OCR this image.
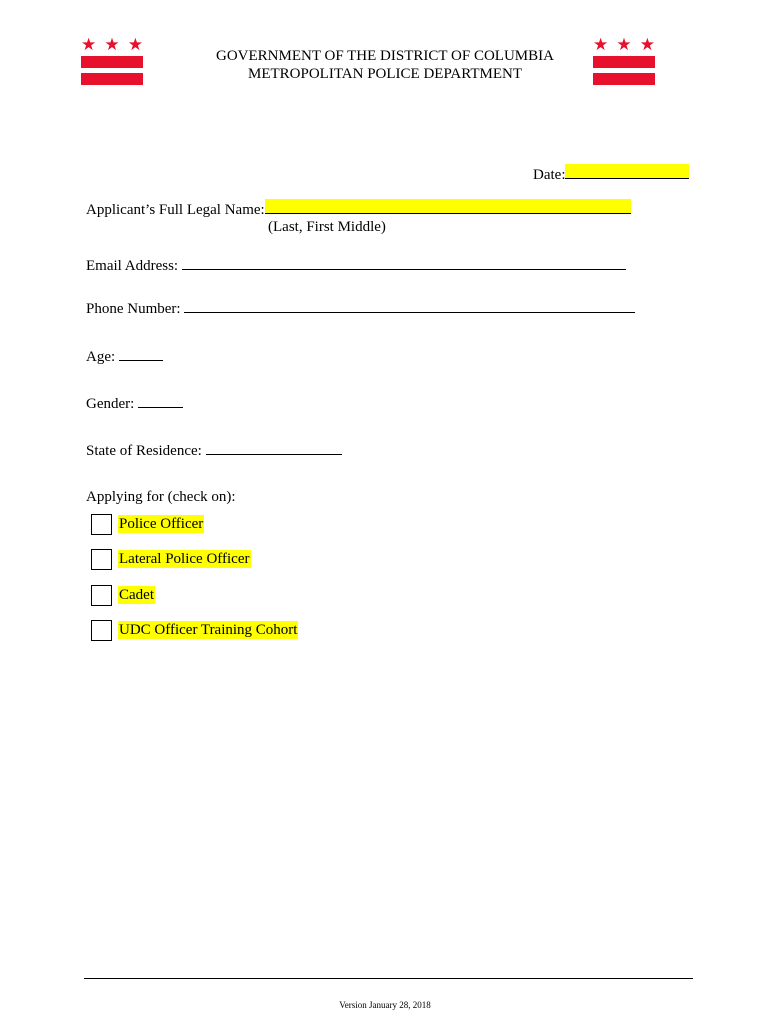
★ ★ ★	★ ★ ★
GOVERNMENT OF THE DISTRICT OF COLUMBIA
METROPOLITAN POLICE DEPARTMENT
Date:
Applicant’s Full Legal Name:
(Last, First Middle)
Email Address:
Phone Number:
Age:
Gender:
State of Residence:
Applying for (check on):
Police Officer
Lateral Police Officer
Cadet
UDC Officer Training Cohort
Version January 28, 2018
